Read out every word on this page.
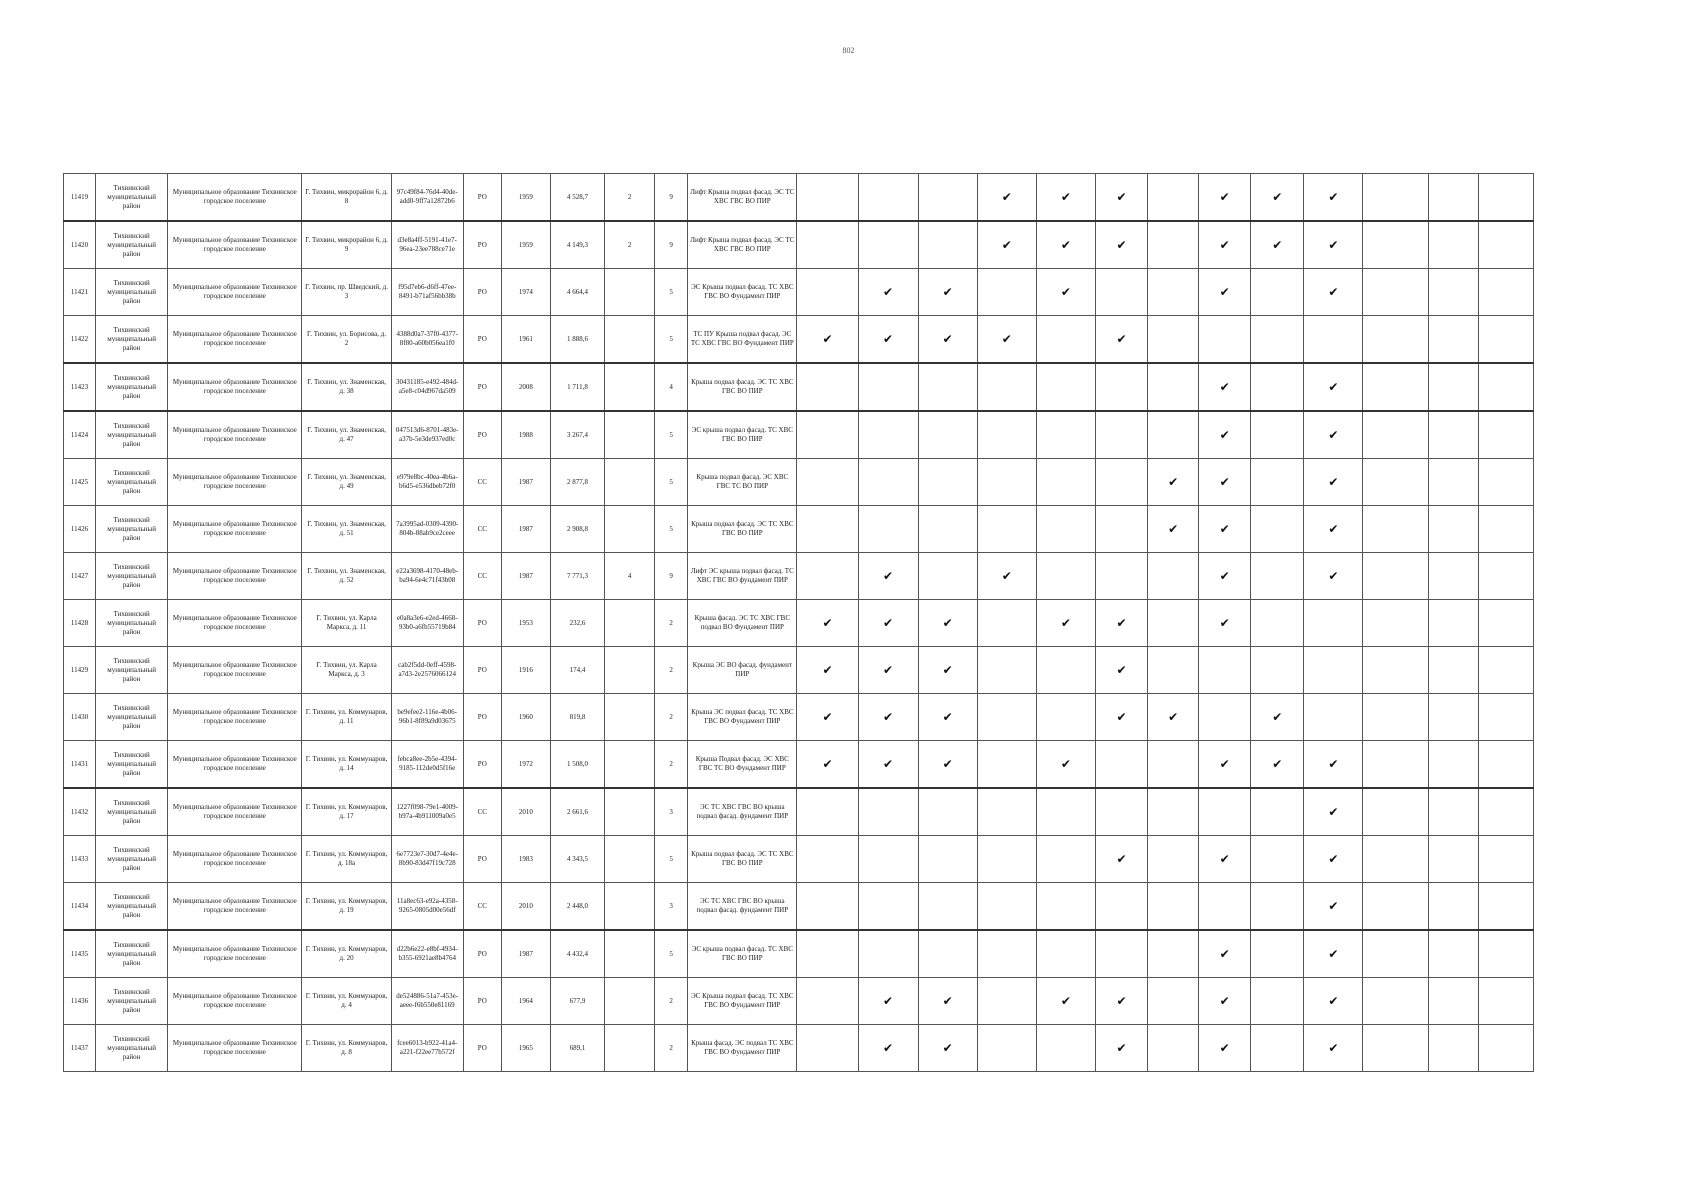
802
11419	Тихвинский муниципальный район	Муниципальное образование Тихвинское городское поселение	Г. Тихвин, микрорайон 6, д. 8	97c49f84-76d4-40de-add0-9ff7a12872b6	РО	1959	4 528,7	2	9	Лифт Крыша подвал фасад. ЭС ТС ХВС ГВС ВО ПИР				✔	✔	✔		✔	✔	✔			
11420	Тихвинский муниципальный район	Муниципальное образование Тихвинское городское поселение	Г. Тихвин, микрорайон 6, д. 9	d3e8a4ff-5191-41e7-96ea-23ee788ce71e	РО	1959	4 149,3	2	9	Лифт Крыша подвал фасад. ЭС ТС ХВС ГВС ВО ПИР				✔	✔	✔		✔	✔	✔			
11421	Тихвинский муниципальный район	Муниципальное образование Тихвинское городское поселение	Г. Тихвин, пр. Шведский, д. 3	f95d7eb6-d6ff-47ee-8491-b71af56bb38b	РО	1974	4 664,4		5	ЭС Крыша подвал фасад. ТС ХВС ГВС ВО Фундамент ПИР		✔	✔		✔			✔		✔			
11422	Тихвинский муниципальный район	Муниципальное образование Тихвинское городское поселение	Г. Тихвин, ул. Борисова, д. 2	4388d0a7-37f0-4377-8f80-a60b056ea1f0	РО	1961	1 888,6		5	ТС ПУ Крыша подвал фасад. ЭС ТС ХВС ГВС ВО Фундамент ПИР	✔	✔	✔	✔		✔							
11423	Тихвинский муниципальный район	Муниципальное образование Тихвинское городское поселение	Г. Тихвин, ул. Знаменская, д. 38	30431185-e492-484d-a5e8-c04d967da509	РО	2008	1 711,8		4	Крыша подвал фасад. ЭС ТС ХВС ГВС ВО ПИР								✔		✔			
11424	Тихвинский муниципальный район	Муниципальное образование Тихвинское городское поселение	Г. Тихвин, ул. Знаменская, д. 47	047513d6-8701-483e-a37b-5e3de937ed0c	РО	1988	3 267,4		5	ЭС крыша подвал фасад. ТС ХВС ГВС ВО ПИР								✔		✔			
11425	Тихвинский муниципальный район	Муниципальное образование Тихвинское городское поселение	Г. Тихвин, ул. Знаменская, д. 49	e979e8bc-40ea-4b6a-b6d5-e536dbeb72f0	СС	1987	2 877,8		5	Крыша подвал фасад. ЭС ХВС ГВС ТС ВО ПИР							✔	✔		✔			
11426	Тихвинский муниципальный район	Муниципальное образование Тихвинское городское поселение	Г. Тихвин, ул. Знаменская, д. 51	7a3995ad-0309-4390-804b-88ab9ce2ceee	СС	1987	2 908,8		5	Крыша подвал фасад. ЭС ТС ХВС ГВС ВО ПИР							✔	✔		✔			
11427	Тихвинский муниципальный район	Муниципальное образование Тихвинское городское поселение	Г. Тихвин, ул. Знаменская, д. 52	e22a3698-4170-48eb-ba94-6e4c71f43b08	СС	1987	7 771,3	4	9	Лифт ЭС крыша подвал фасад. ТС ХВС ГВС ВО фундамент ПИР		✔		✔				✔		✔			
11428	Тихвинский муниципальный район	Муниципальное образование Тихвинское городское поселение	Г. Тихвин, ул. Карла Маркса, д. 11	e0a8a3e6-e2ed-4668-93b0-a6fb55719b84	РО	1953	232,6		2	Крыша фасад. ЭС ТС ХВС ГВС подвал ВО Фундамент ПИР	✔	✔	✔		✔	✔		✔					
11429	Тихвинский муниципальный район	Муниципальное образование Тихвинское городское поселение	Г. Тихвин, ул. Карла Маркса, д. 3	cab2f5dd-0eff-4598-a7d3-2e2576066124	РО	1916	174,4		2	Крыша ЭС ВО фасад. фундамент ПИР	✔	✔	✔			✔							
11430	Тихвинский муниципальный район	Муниципальное образование Тихвинское городское поселение	Г. Тихвин, ул. Коммунаров, д. 11	be9efee2-116e-4b06-96b1-8f89a9d03675	РО	1960	819,8		2	Крыша ЭС подвал фасад. ТС ХВС ГВС ВО Фундамент ПИР	✔	✔	✔			✔	✔		✔				
11431	Тихвинский муниципальный район	Муниципальное образование Тихвинское городское поселение	Г. Тихвин, ул. Коммунаров, д. 14	febca8ee-2b5e-4394-9185-112de0d5f16e	РО	1972	1 508,0		2	Крыша Подвал фасад. ЭС ХВС ГВС ТС ВО Фундамент ПИР	✔	✔	✔		✔			✔	✔	✔			
11432	Тихвинский муниципальный район	Муниципальное образование Тихвинское городское поселение	Г. Тихвин, ул. Коммунаров, д. 17	1227f098-79e1-4009-b97a-4b911009a0e5	СС	2010	2 661,6		3	ЭС ТС ХВС ГВС ВО крыша подвал фасад. фундамент ПИР										✔			
11433	Тихвинский муниципальный район	Муниципальное образование Тихвинское городское поселение	Г. Тихвин, ул. Коммунаров, д. 18а	6e7723e7-30d7-4e4e-8b90-83d47f19c728	РО	1983	4 343,5		5	Крыша подвал фасад. ЭС ТС ХВС ГВС ВО ПИР						✔		✔		✔			
11434	Тихвинский муниципальный район	Муниципальное образование Тихвинское городское поселение	Г. Тихвин, ул. Коммунаров, д. 19	11a8ec63-e92a-4358-9265-0805d00e56df	СС	2010	2 448,0		3	ЭС ТС ХВС ГВС ВО крыша подвал фасад. фундамент ПИР										✔			
11435	Тихвинский муниципальный район	Муниципальное образование Тихвинское городское поселение	Г. Тихвин, ул. Коммунаров, д. 20	d22b6e22-e8bf-4934-b355-6921ae8b4764	РО	1987	4 432,4		5	ЭС крыша подвал фасад. ТС ХВС ГВС ВО ПИР								✔		✔			
11436	Тихвинский муниципальный район	Муниципальное образование Тихвинское городское поселение	Г. Тихвин, ул. Коммунаров, д. 4	de524886-51a7-453e-aeee-f6b550e81169	РО	1964	677,9		2	ЭС Крыша подвал фасад. ТС ХВС ГВС ВО Фундамент ПИР		✔	✔		✔	✔		✔		✔			
11437	Тихвинский муниципальный район	Муниципальное образование Тихвинское городское поселение	Г. Тихвин, ул. Коммунаров, д. 8	fcee6013-b922-41a4-a221-f22ee77b572f	РО	1965	689,1		2	Крыша фасад. ЭС подвал ТС ХВС ГВС ВО Фундамент ПИР		✔	✔			✔		✔		✔			
